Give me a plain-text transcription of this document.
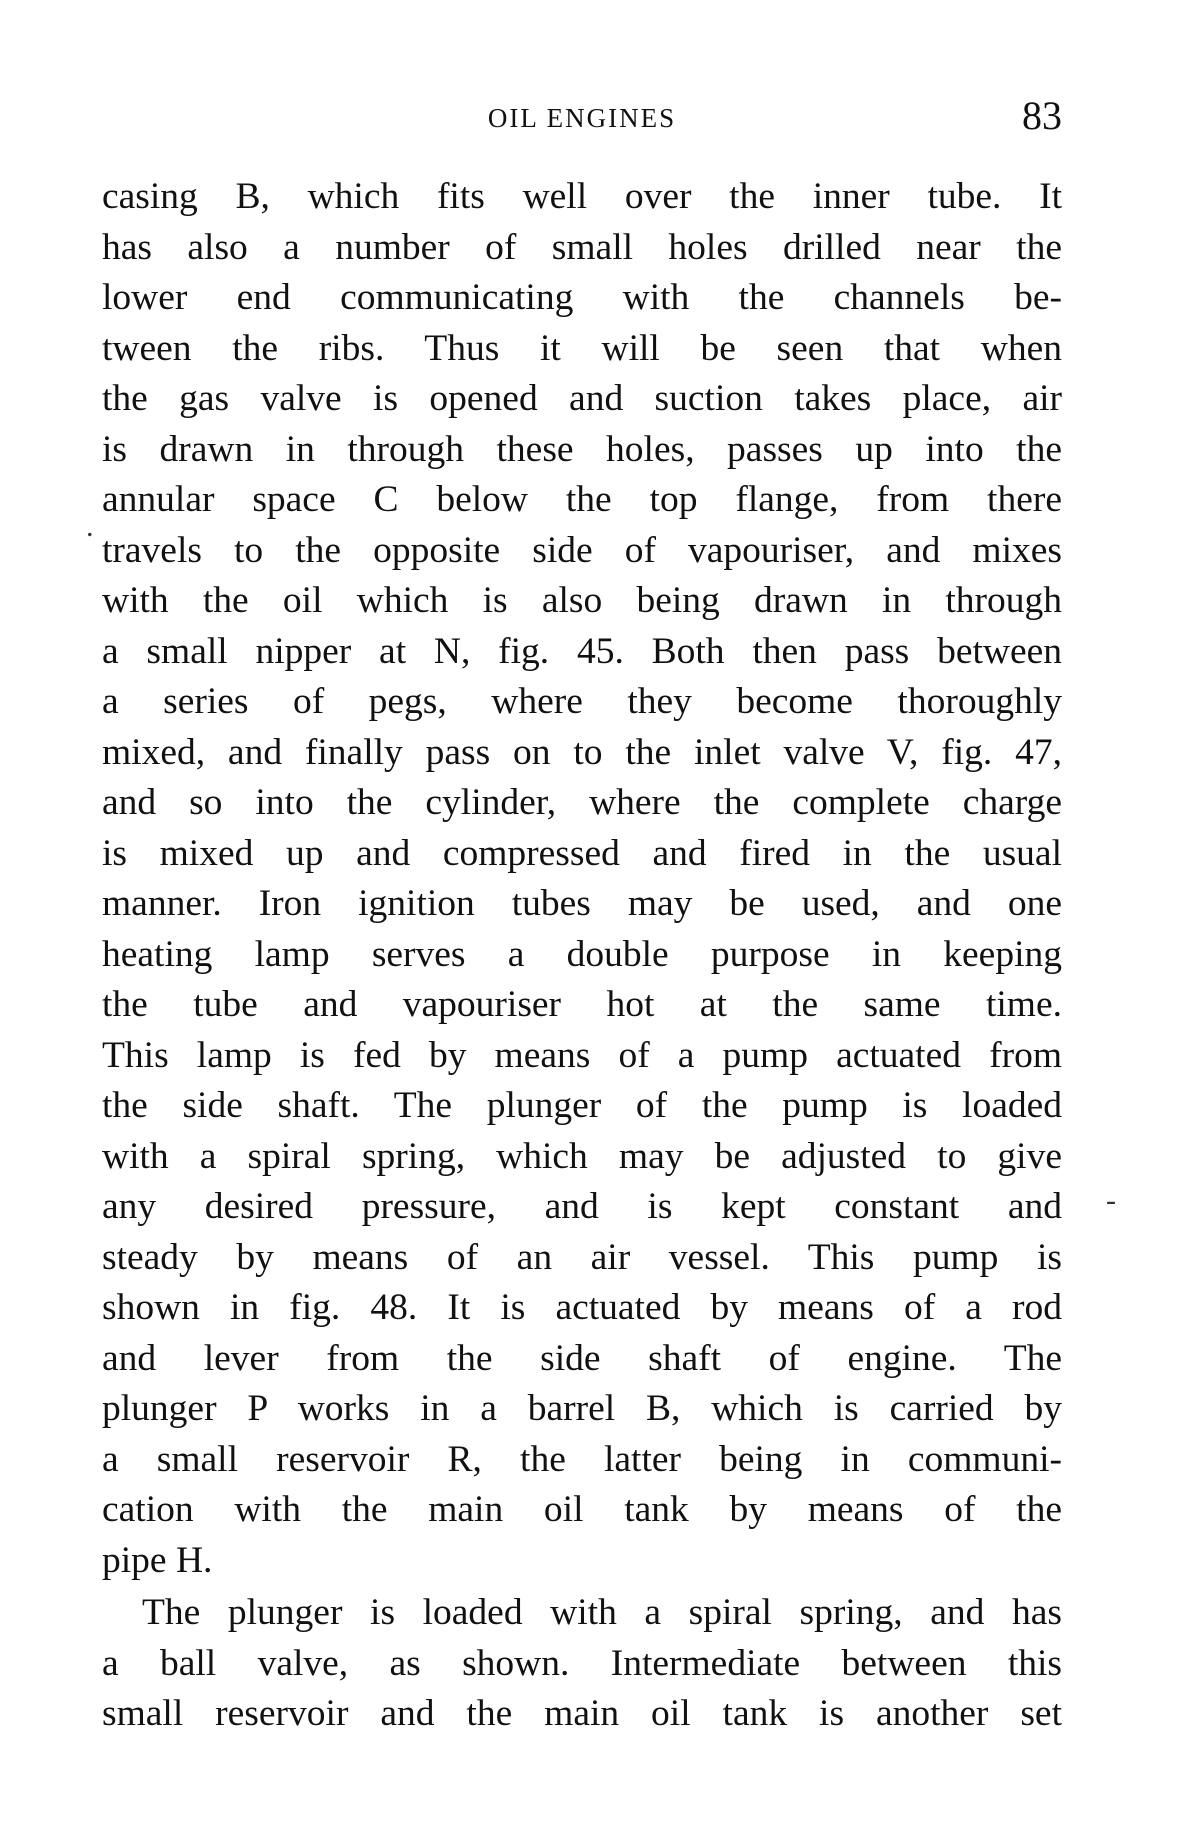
OIL ENGINES	83
.
-
casing B, which fits well over the inner tube. It
has also a number of small holes drilled near the
lower end communicating with the channels be-
tween the ribs. Thus it will be seen that when
the gas valve is opened and suction takes place, air
is drawn in through these holes, passes up into the
annular space C below the top flange, from there
travels to the opposite side of vapouriser, and mixes
with the oil which is also being drawn in through
a small nipper at N, fig. 45. Both then pass between
a series of pegs, where they become thoroughly
mixed, and finally pass on to the inlet valve V, fig. 47,
and so into the cylinder, where the complete charge
is mixed up and compressed and fired in the usual
manner. Iron ignition tubes may be used, and one
heating lamp serves a double purpose in keeping
the tube and vapouriser hot at the same time.
This lamp is fed by means of a pump actuated from
the side shaft. The plunger of the pump is loaded
with a spiral spring, which may be adjusted to give
any desired pressure, and is kept constant and
steady by means of an air vessel. This pump is
shown in fig. 48. It is actuated by means of a rod
and lever from the side shaft of engine. The
plunger P works in a barrel B, which is carried by
a small reservoir R, the latter being in communi-
cation with the main oil tank by means of the
pipe H.
The plunger is loaded with a spiral spring, and has
a ball valve, as shown. Intermediate between this
small reservoir and the main oil tank is another set
